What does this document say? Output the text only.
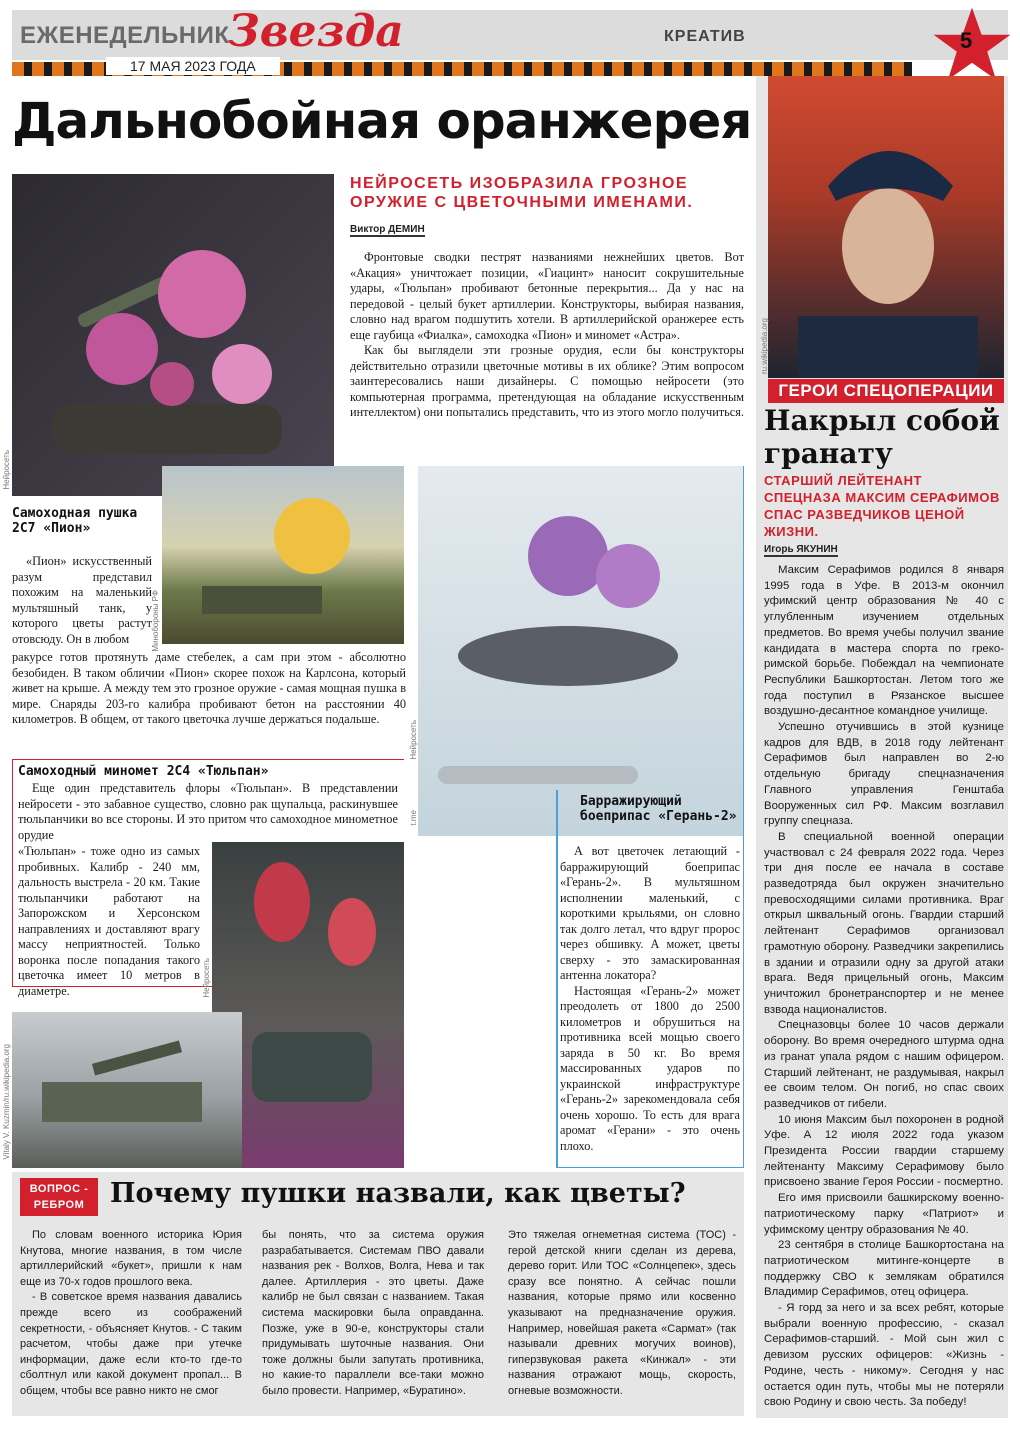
ЕЖЕНЕДЕЛЬНИК
Звезда	КРЕАТИВ
17 МАЯ 2023 ГОДА
5
Дальнобойная оранжерея
Нейросеть
НЕЙРОСЕТЬ ИЗОБРАЗИЛА ГРОЗНОЕ ОРУЖИЕ С ЦВЕТОЧНЫМИ ИМЕНАМИ.
Виктор ДЕМИН

Фронтовые сводки пестрят названиями нежнейших цветов. Вот «Акация» уничтожает позиции, «Гиацинт» наносит сокрушительные удары, «Тюльпан» пробивают бетонные перекрытия... Да у нас на передовой - целый букет артиллерии. Конструкторы, выбирая названия, словно над врагом подшутить хотели. В артиллерийской оранжерее есть еще гаубица «Фиалка», самоходка «Пион» и миномет «Астра».

Как бы выглядели эти грозные орудия, если бы конструкторы действительно отразили цветочные мотивы в их облике? Этим вопросом заинтересовались наши дизайнеры. С помощью нейросети (это компьютерная программа, претендующая на обладание искусственным интеллектом) они попытались представить, что из этого могло получиться.

Самоходная пушка 2С7 «Пион»

«Пион» искусственный разум представил похожим на маленький мультяшный танк, у которого цветы растут отовсюду. Он в любом	Минобороны РФ

ракурсе готов протянуть даме стебелек, а сам при этом - абсолютно безобиден. В таком обличии «Пион» скорее похож на Карлсона, который живет на крыше. А между тем это грозное оружие - самая мощная пушка в мире. Снаряды 203-го калибра пробивают бетон на расстоянии 40 километров. В общем, от такого цветочка лучше держаться подальше.

Самоходный миномет 2С4 «Тюльпан»

Еще один представитель флоры «Тюльпан». В представлении нейросети - это забавное существо, словно рак щупальца, раскинувшее тюльпанчики во все стороны. И это притом что самоходное минометное орудие

«Тюльпан» - тоже одно из самых пробивных. Калибр - 240 мм, дальность выстрела - 20 км. Такие тюльпанчики работают на Запорожском и Херсонском направлениях и доставляют врагу массу неприятностей. Только воронка после попадания такого цветочка имеет 10 метров в диаметре.	Нейросеть
Vitaly V. Kuzmin/ru.wikipedia.org
Нейросеть
t.me
Барражирующий боеприпас «Герань-2»

А вот цветочек летающий - барражирующий боеприпас «Герань-2». В мультяшном исполнении маленький, с короткими крыльями, он словно так долго летал, что вдруг пророс через обшивку. А может, цветы сверху - это замаскированная антенна локатора?

Настоящая «Герань-2» может преодолеть от 1800 до 2500 километров и обрушиться на противника всей мощью своего заряда в 50 кг. Во время массированных ударов по украинской инфраструктуре «Герань-2» зарекомендовала себя очень хорошо. То есть для врага аромат «Герани» - это очень плохо.

ru.wikipedia.org
ГЕРОИ СПЕЦОПЕРАЦИИ
Накрыл собой гранату
СТАРШИЙ ЛЕЙТЕНАНТ СПЕЦНАЗА МАКСИМ СЕРАФИМОВ СПАС РАЗВЕДЧИКОВ ЦЕНОЙ ЖИЗНИ.
Игорь ЯКУНИН

Максим Серафимов родился 8 января 1995 года в Уфе. В 2013-м окончил уфимский центр образования № 40 с углубленным изучением отдельных предметов. Во время учебы получил звание кандидата в мастера спорта по греко-римской борьбе. Побеждал на чемпионате Республики Башкортостан. Летом того же года поступил в Рязанское высшее воздушно-десантное командное училище.

Успешно отучившись в этой кузнице кадров для ВДВ, в 2018 году лейтенант Серафимов был направлен во 2-ю отдельную бригаду спецназначения Главного управления Генштаба Вооруженных сил РФ. Максим возглавил группу спецназа.

В специальной военной операции участвовал с 24 февраля 2022 года. Через три дня после ее начала в составе разведотряда был окружен значительно превосходящими силами противника. Враг открыл шквальный огонь. Гвардии старший лейтенант Серафимов организовал грамотную оборону. Разведчики закрепились в здании и отразили одну за другой атаки врага. Ведя прицельный огонь, Максим уничтожил бронетранспортер и не менее взвода националистов.

Спецназовцы более 10 часов держали оборону. Во время очередного штурма одна из гранат упала рядом с нашим офицером. Старший лейтенант, не раздумывая, накрыл ее своим телом. Он погиб, но спас своих разведчиков от гибели.

10 июня Максим был похоронен в родной Уфе. А 12 июля 2022 года указом Президента России гвардии старшему лейтенанту Максиму Серафимову было присвоено звание Героя России - посмертно.

Его имя присвоили башкирскому военно-патриотическому парку «Патриот» и уфимскому центру образования № 40.

23 сентября в столице Башкортостана на патриотическом митинге-концерте в поддержку СВО к землякам обратился Владимир Серафимов, отец офицера.

- Я горд за него и за всех ребят, которые выбрали военную профессию, - сказал Серафимов-старший. - Мой сын жил с девизом русских офицеров: «Жизнь - Родине, честь - никому». Сегодня у нас остается один путь, чтобы мы не потеряли свою Родину и свою честь. За победу!

ВОПРОС - РЕБРОМ Почему пушки назвали, как цветы?

По словам военного историка Юрия Кнутова, многие названия, в том числе артиллерийский «букет», пришли к нам еще из 70-х годов прошлого века.

- В советское время названия давались прежде всего из соображений секретности, - объясняет Кнутов. - С таким расчетом, чтобы даже при утечке информации, даже если кто-то где-то сболтнул или какой документ пропал... В общем, чтобы все равно никто не смог

бы понять, что за система оружия разрабатывается. Системам ПВО давали названия рек - Волхов, Волга, Нева и так далее. Артиллерия - это цветы. Даже калибр не был связан с названием. Такая система маскировки была оправданна. Позже, уже в 90-е, конструкторы стали придумывать шуточные названия. Они тоже должны были запутать противника, но какие-то параллели все-таки можно было провести. Например, «Буратино».

Это тяжелая огнеметная система (ТОС) - герой детской книги сделан из дерева, дерево горит. Или ТОС «Солнцепек», здесь сразу все понятно. А сейчас пошли названия, которые прямо или косвенно указывают на предназначение оружия. Например, новейшая ракета «Сармат» (так называли древних могучих воинов), гиперзвуковая ракета «Кинжал» - эти названия отражают мощь, скорость, огневые возможности.
